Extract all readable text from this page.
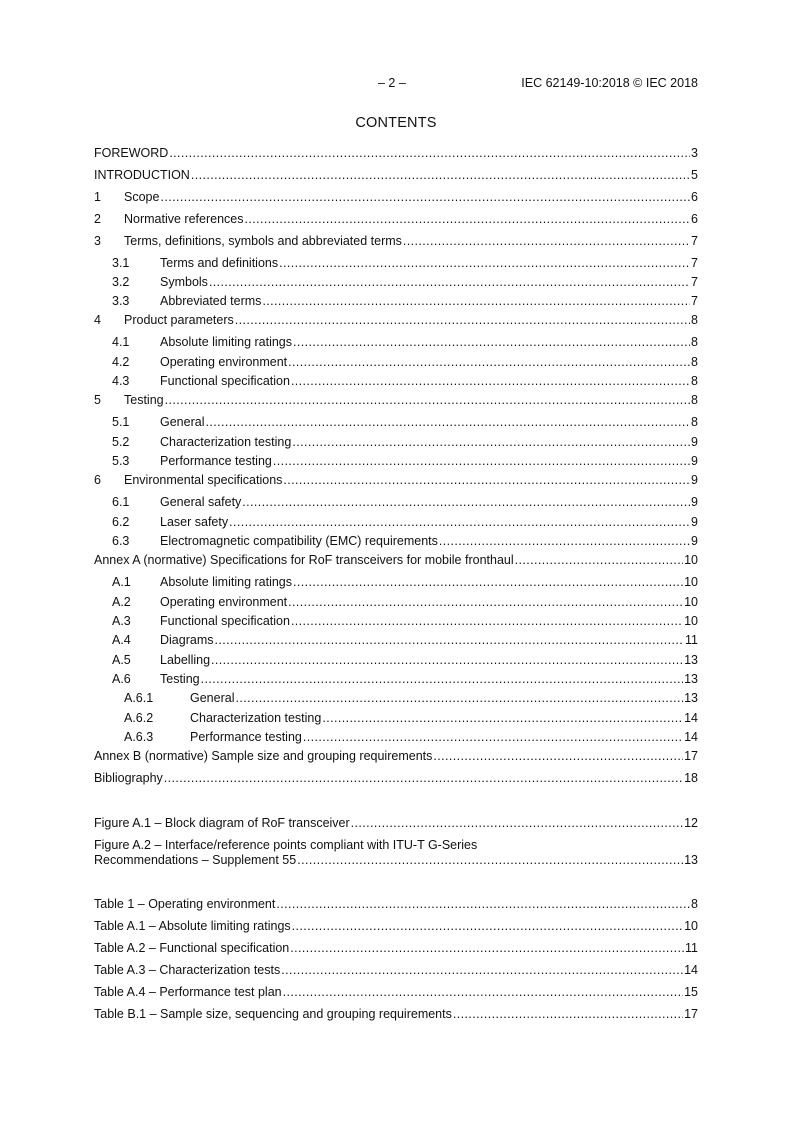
– 2 –	IEC 62149-10:2018 © IEC 2018
CONTENTS
FOREWORD .....	3
INTRODUCTION .....	5
1	Scope .....	6
2	Normative references .....	6
3	Terms, definitions, symbols and abbreviated terms .....	7
3.1	Terms and definitions .....	7
3.2	Symbols .....	7
3.3	Abbreviated terms .....	7
4	Product parameters .....	8
4.1	Absolute limiting ratings .....	8
4.2	Operating environment .....	8
4.3	Functional specification .....	8
5	Testing .....	8
5.1	General .....	8
5.2	Characterization testing .....	9
5.3	Performance testing .....	9
6	Environmental specifications .....	9
6.1	General safety .....	9
6.2	Laser safety .....	9
6.3	Electromagnetic compatibility (EMC) requirements .....	9
Annex A (normative) Specifications for RoF transceivers for mobile fronthaul .....	10
A.1	Absolute limiting ratings .....	10
A.2	Operating environment .....	10
A.3	Functional specification .....	10
A.4	Diagrams .....	11
A.5	Labelling .....	13
A.6	Testing .....	13
A.6.1	General .....	13
A.6.2	Characterization testing .....	14
A.6.3	Performance testing .....	14
Annex B (normative) Sample size and grouping requirements .....	17
Bibliography .....	18
Figure A.1 – Block diagram of RoF transceiver .....	12
Figure A.2 – Interface/reference points compliant with ITU-T G-Series
Recommendations – Supplement 55 .....	13
Table 1 – Operating environment .....	8
Table A.1 – Absolute limiting ratings .....	10
Table A.2 – Functional specification .....	11
Table A.3 – Characterization tests .....	14
Table A.4 – Performance test plan .....	15
Table B.1 – Sample size, sequencing and grouping requirements .....	17
